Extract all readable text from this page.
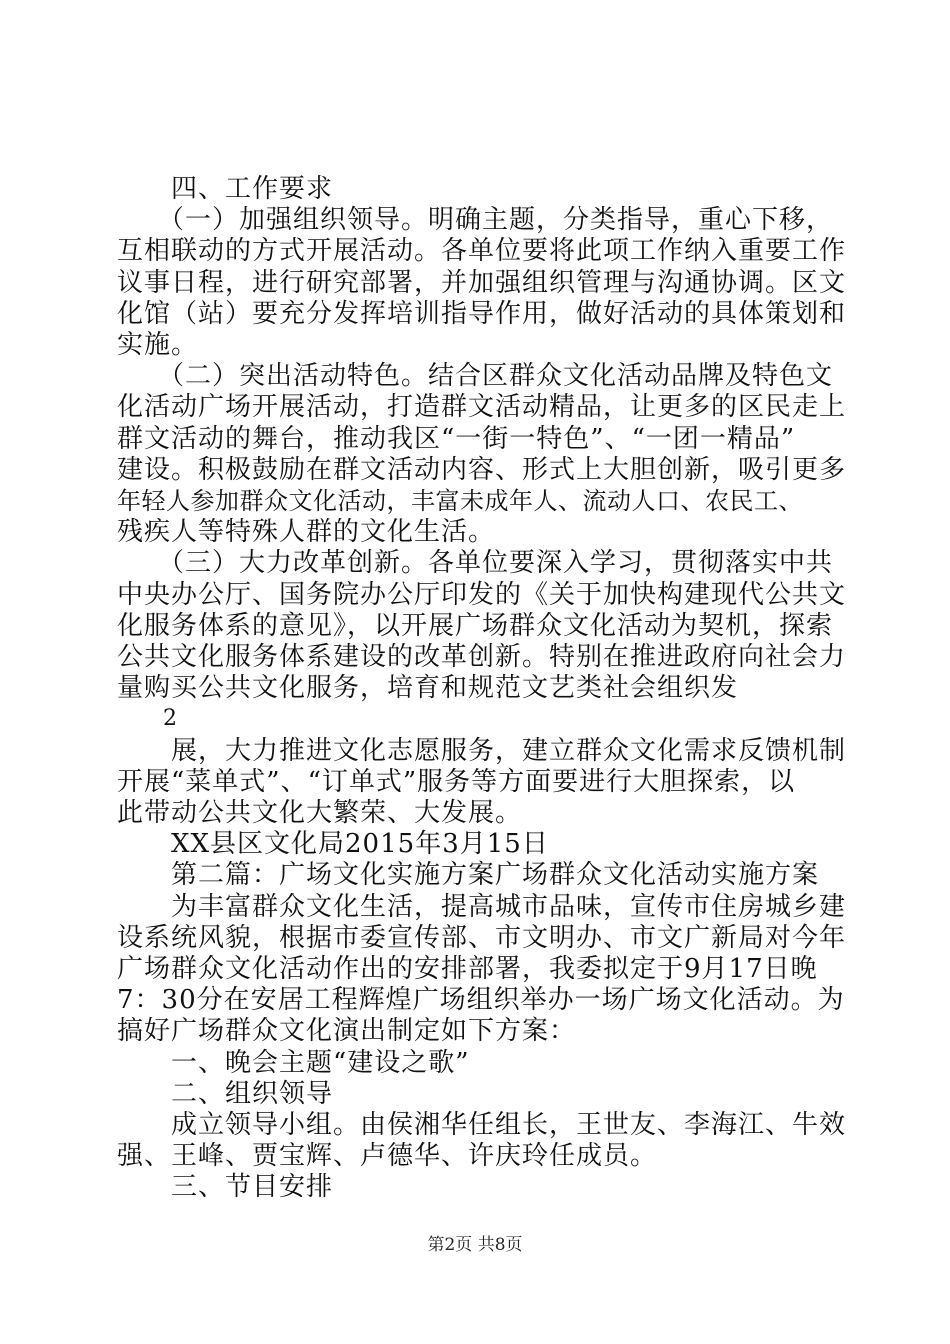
　　四、工作要求
　　（一）加强组织领导。明确主题，分类指导，重心下移，
互相联动的方式开展活动。各单位要将此项工作纳入重要工作
议事日程，进行研究部署，并加强组织管理与沟通协调。区文
化馆（站）要充分发挥培训指导作用，做好活动的具体策划和
实施。
　　（二）突出活动特色。结合区群众文化活动品牌及特色文
化活动广场开展活动，打造群文活动精品，让更多的区民走上
群文活动的舞台，推动我区“一街一特色”、“一团一精品”
建设。积极鼓励在群文活动内容、形式上大胆创新，吸引更多
年轻人参加群众文化活动，丰富未成年人、流动人口、农民工、
残疾人等特殊人群的文化生活。
　　（三）大力改革创新。各单位要深入学习，贯彻落实中共
中央办公厅、国务院办公厅印发的《关于加快构建现代公共文
化服务体系的意见》，以开展广场群众文化活动为契机，探索
公共文化服务体系建设的改革创新。特别在推进政府向社会力
量购买公共文化服务，培育和规范文艺类社会组织发
　　2
　　展，大力推进文化志愿服务，建立群众文化需求反馈机制
开展“菜单式”、“订单式”服务等方面要进行大胆探索，以
此带动公共文化大繁荣、大发展。
　　XX县区文化局2015年3月15日
　　第二篇：广场文化实施方案广场群众文化活动实施方案
　　为丰富群众文化生活，提高城市品味，宣传市住房城乡建
设系统风貌，根据市委宣传部、市文明办、市文广新局对今年
广场群众文化活动作出的安排部署，我委拟定于9月17日晚
7：30分在安居工程辉煌广场组织举办一场广场文化活动。为
搞好广场群众文化演出制定如下方案：
　　一、晚会主题“建设之歌”
　　二、组织领导
　　成立领导小组。由侯湘华任组长，王世友、李海江、牛效
强、王峰、贾宝辉、卢德华、许庆玲任成员。
　　三、节目安排
第2页 共8页
